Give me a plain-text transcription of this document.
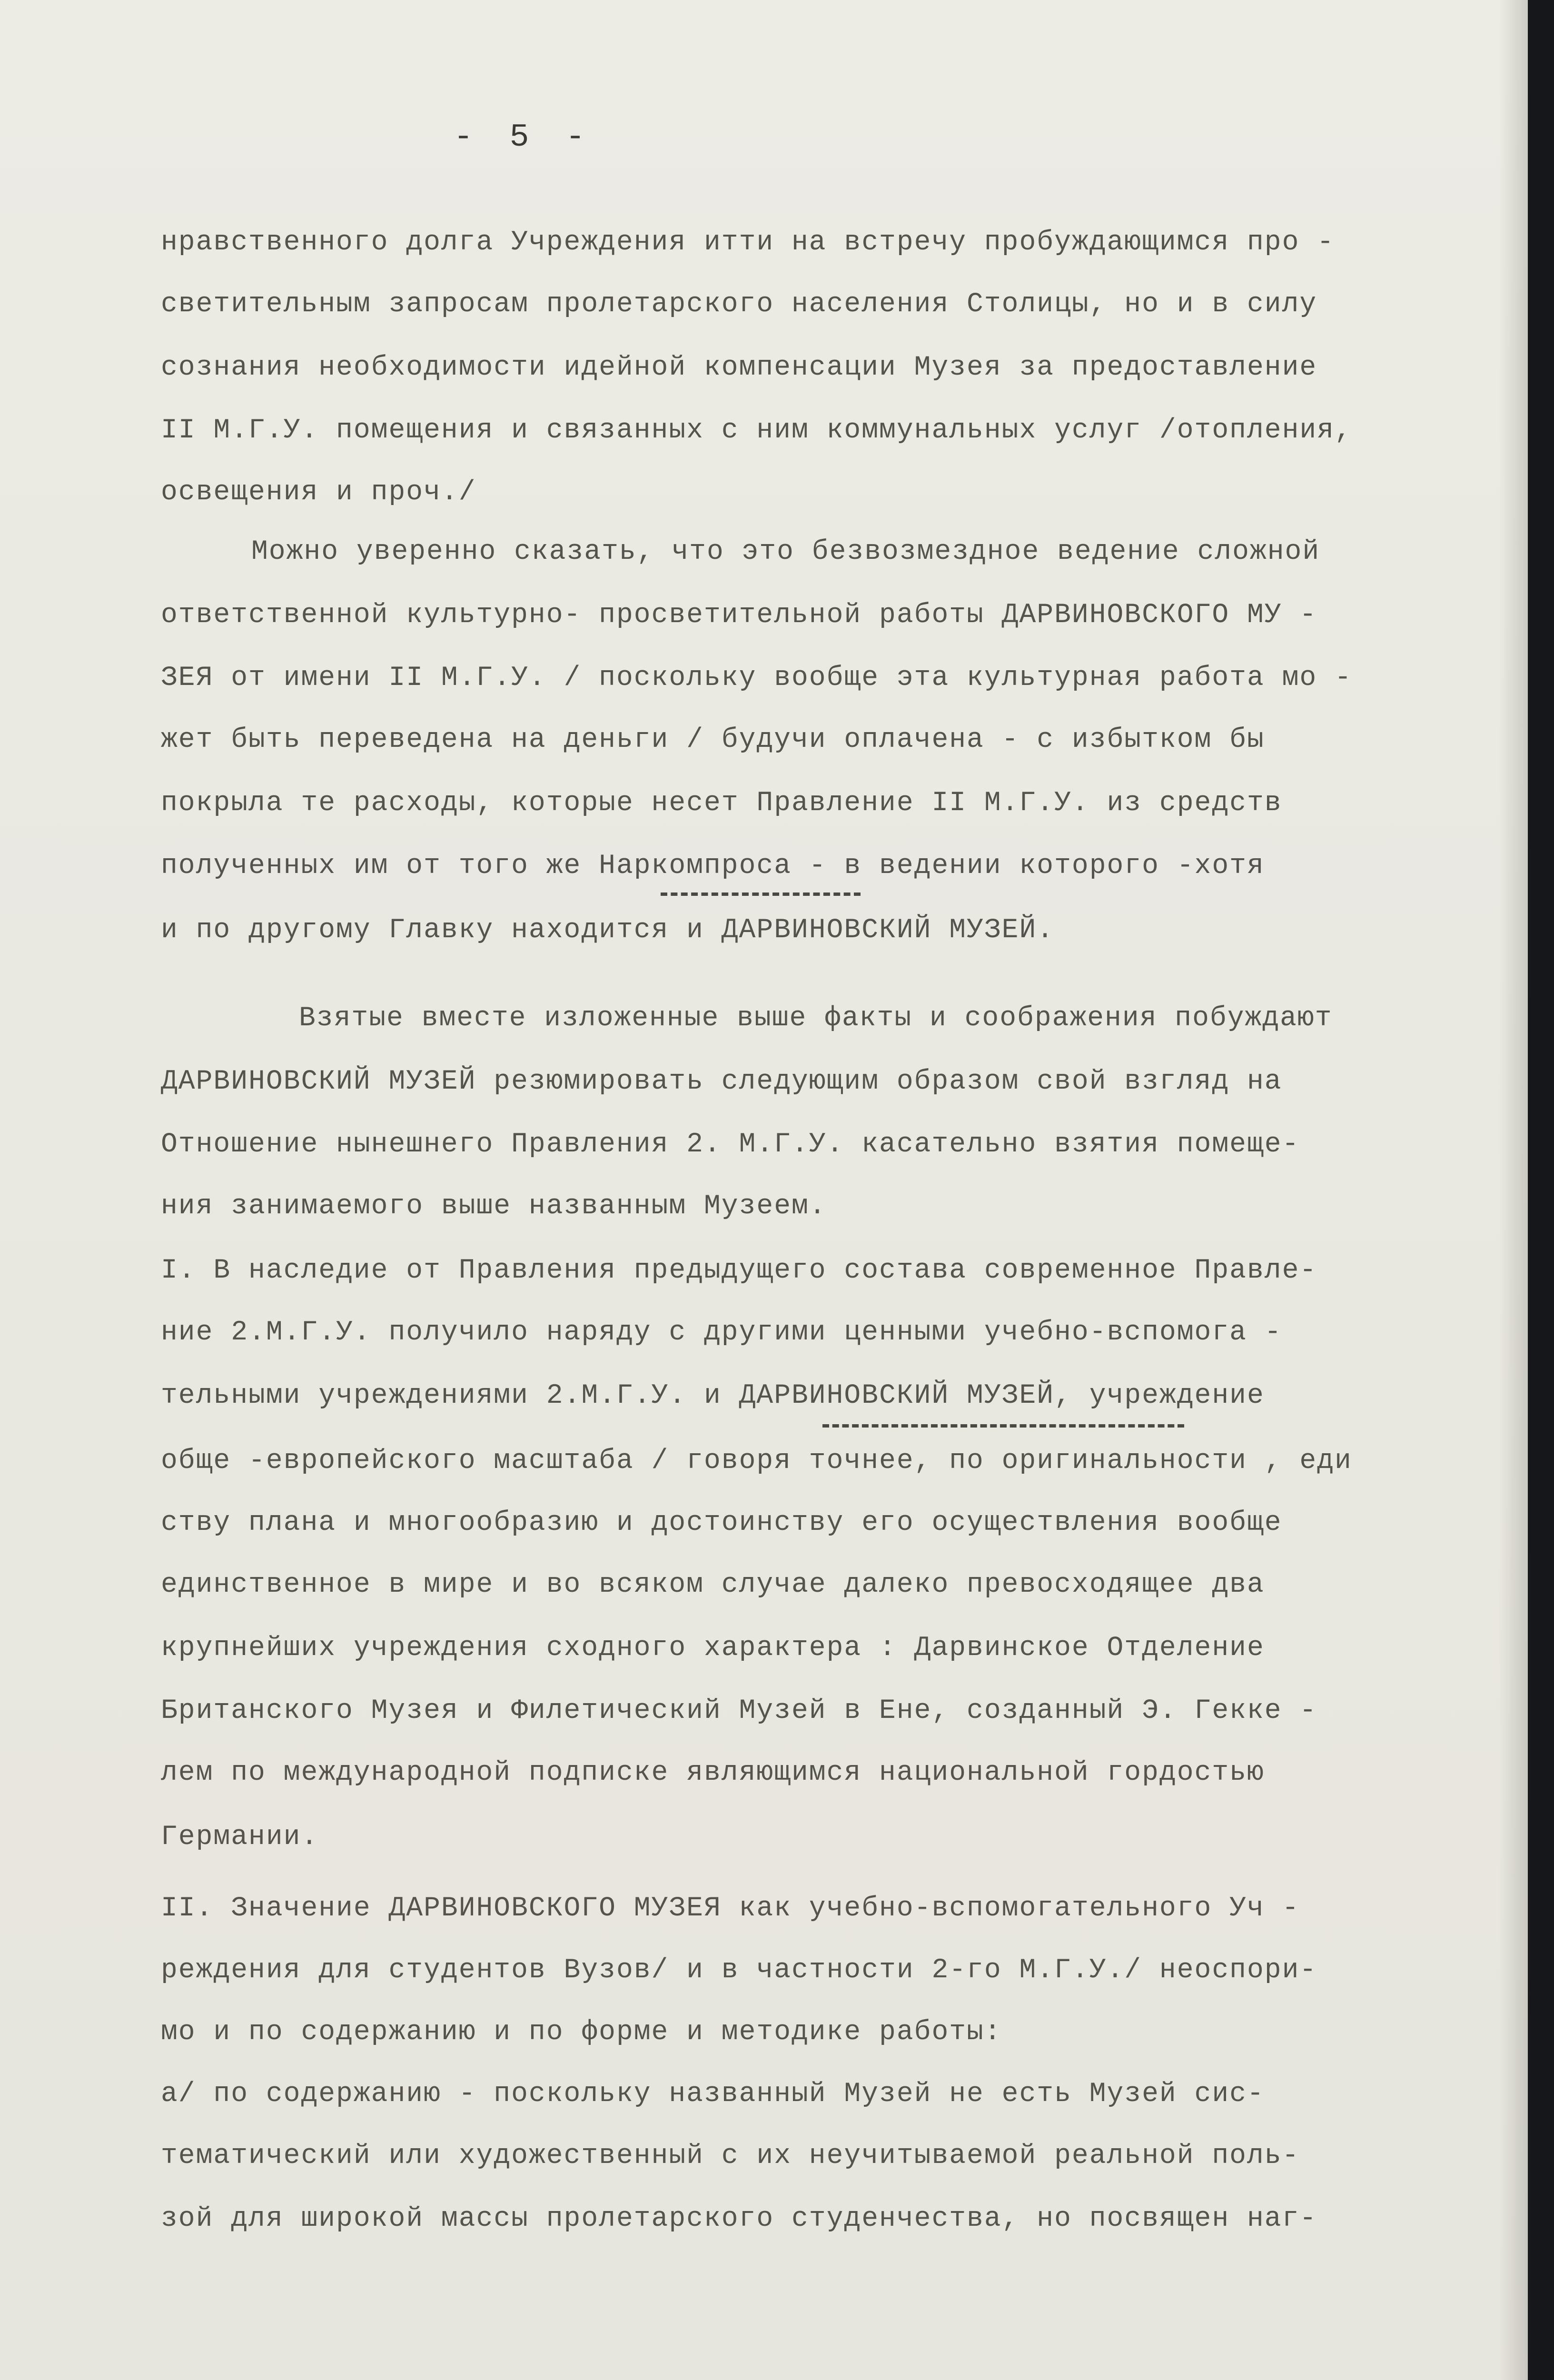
- 5 -
нравственного долга Учреждения итти на встречу пробуждающимся про -
светительным запросам пролетарского населения Столицы, но и в силу
сознания необходимости идейной компенсации Музея за предоставление
II М.Г.У. помещения и связанных с ним коммунальных услуг /отопления,
освещения и проч./
Можно уверенно сказать, что это безвозмездное ведение сложной
ответственной культурно- просветительной работы ДАРВИНОВСКОГО МУ -
ЗЕЯ от имени II М.Г.У. / поскольку вообще эта культурная работа мо -
жет быть переведена на деньги / будучи оплачена - с избытком бы
покрыла те расходы, которые несет Правление II М.Г.У. из средств
полученных им от того же Наркомпроса - в ведении которого -хотя
и по другому Главку находится и ДАРВИНОВСКИЙ МУЗЕЙ.
Взятые вместе изложенные выше факты и соображения побуждают
ДАРВИНОВСКИЙ МУЗЕЙ резюмировать следующим образом свой взгляд на
Отношение нынешнего Правления 2. М.Г.У. касательно взятия помеще-
ния занимаемого выше названным Музеем.
I. В наследие от Правления предыдущего состава современное Правле-
ние 2.М.Г.У. получило наряду с другими ценными учебно-вспомога -
тельными учреждениями 2.М.Г.У. и ДАРВИНОВСКИЙ МУЗЕЙ, учреждение
обще -европейского масштаба / говоря точнее, по оригинальности , еди
ству плана и многообразию и достоинству его осуществления вообще
единственное в мире и во всяком случае далеко превосходящее два
крупнейших учреждения сходного характера : Дарвинское Отделение
Британского Музея и Филетический Музей в Ене, созданный Э. Гекке -
лем по международной подписке являющимся национальной гордостью
Германии.
II. Значение ДАРВИНОВСКОГО МУЗЕЯ как учебно-вспомогательного Уч -
реждения для студентов Вузов/ и в частности 2-го М.Г.У./ неоспори-
мо и по содержанию и по форме и методике работы:
а/ по содержанию - поскольку названный Музей не есть Музей сис-
тематический или художественный с их неучитываемой реальной поль-
зой для широкой массы пролетарского студенчества, но посвящен наг-
